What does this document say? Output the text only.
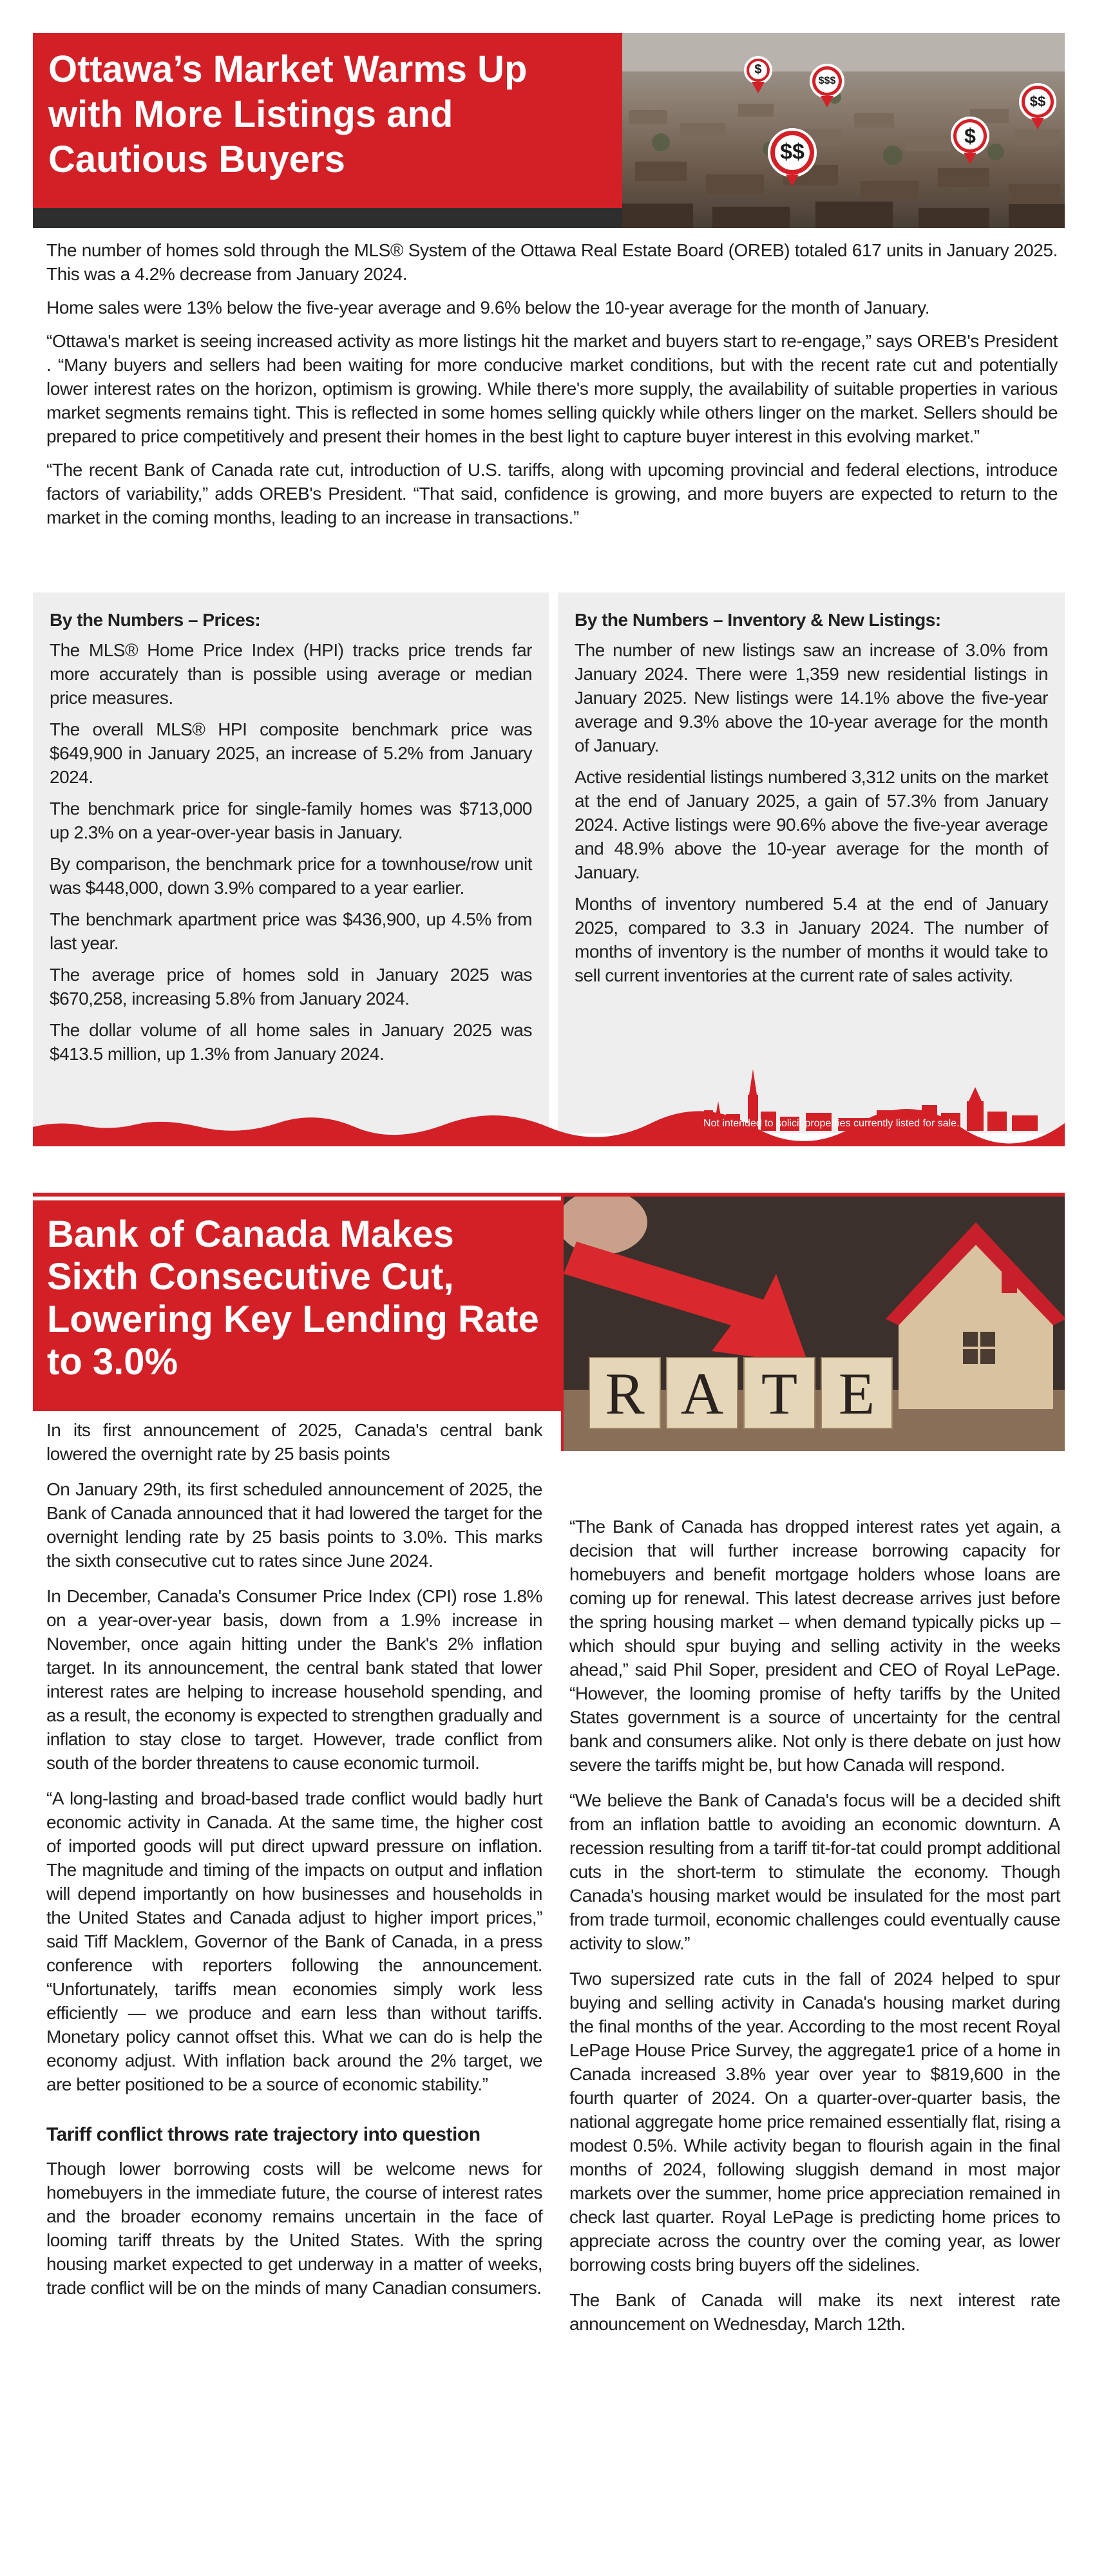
Ottawa’s Market Warms Up with More Listings and Cautious Buyers
$
$$$
$$
$
$$

The number of homes sold through the MLS® System of the Ottawa Real Estate Board (OREB) totaled 617 units in January 2025. This was a 4.2% decrease from January 2024.

Home sales were 13% below the five-year average and 9.6% below the 10-year average for the month of January.

“Ottawa's market is seeing increased activity as more listings hit the market and buyers start to re-engage,” says OREB's President . “Many buyers and sellers had been waiting for more conducive market conditions, but with the recent rate cut and potentially lower interest rates on the horizon, optimism is growing. While there's more supply, the availability of suitable properties in various market segments remains tight. This is reflected in some homes selling quickly while others linger on the market. Sellers should be prepared to price competitively and present their homes in the best light to capture buyer interest in this evolving market.”

“The recent Bank of Canada rate cut, introduction of U.S. tariffs, along with upcoming provincial and federal elections, introduce factors of variability,” adds OREB's President. “That said, confidence is growing, and more buyers are expected to return to the market in the coming months, leading to an increase in transactions.”

By the Numbers – Prices:

The MLS® Home Price Index (HPI) tracks price trends far more accurately than is possible using average or median price measures.

The overall MLS® HPI composite benchmark price was $649,900 in January 2025, an increase of 5.2% from January 2024.

The benchmark price for single-family homes was $713,000 up 2.3% on a year-over-year basis in January.

By comparison, the benchmark price for a townhouse/row unit was $448,000, down 3.9% compared to a year earlier.

The benchmark apartment price was $436,900, up 4.5% from last year.

The average price of homes sold in January 2025 was $670,258, increasing 5.8% from January 2024.

The dollar volume of all home sales in January 2025 was $413.5 million, up 1.3% from January 2024.

By the Numbers – Inventory & New Listings:

The number of new listings saw an increase of 3.0% from January 2024. There were 1,359 new residential listings in January 2025. New listings were 14.1% above the five-year average and 9.3% above the 10-year average for the month of January.

Active residential listings numbered 3,312 units on the market at the end of January 2025, a gain of 57.3% from January 2024. Active listings were 90.6% above the five-year average and 48.9% above the 10-year average for the month of January.

Months of inventory numbered 5.4 at the end of January 2025, compared to 3.3 in January 2024. The number of months of inventory is the number of months it would take to sell current inventories at the current rate of sales activity.

Not intended to solicit properties currently listed for sale.
Bank of Canada Makes Sixth Consecutive Cut, Lowering Key Lending Rate to 3.0%	R A T E

In its first announcement of 2025, Canada's central bank lowered the overnight rate by 25 basis points

On January 29th, its first scheduled announcement of 2025, the Bank of Canada announced that it had lowered the target for the overnight lending rate by 25 basis points to 3.0%. This marks the sixth consecutive cut to rates since June 2024.

In December, Canada's Consumer Price Index (CPI) rose 1.8% on a year-over-year basis, down from a 1.9% increase in November, once again hitting under the Bank's 2% inflation target. In its announcement, the central bank stated that lower interest rates are helping to increase household spending, and as a result, the economy is expected to strengthen gradually and inflation to stay close to target. However, trade conflict from south of the border threatens to cause economic turmoil.

“A long-lasting and broad-based trade conflict would badly hurt economic activity in Canada. At the same time, the higher cost of imported goods will put direct upward pressure on inflation. The magnitude and timing of the impacts on output and inflation will depend importantly on how businesses and households in the United States and Canada adjust to higher import prices,” said Tiff Macklem, Governor of the Bank of Canada, in a press conference with reporters following the announcement. “Unfortunately, tariffs mean economies simply work less efficiently — we produce and earn less than without tariffs. Monetary policy cannot offset this. What we can do is help the economy adjust. With inflation back around the 2% target, we are better positioned to be a source of economic stability.”

Tariff conflict throws rate trajectory into question

Though lower borrowing costs will be welcome news for homebuyers in the immediate future, the course of interest rates and the broader economy remains uncertain in the face of looming tariff threats by the United States. With the spring housing market expected to get underway in a matter of weeks, trade conflict will be on the minds of many Canadian consumers.

“The Bank of Canada has dropped interest rates yet again, a decision that will further increase borrowing capacity for homebuyers and benefit mortgage holders whose loans are coming up for renewal. This latest decrease arrives just before the spring housing market – when demand typically picks up – which should spur buying and selling activity in the weeks ahead,” said Phil Soper, president and CEO of Royal LePage. “However, the looming promise of hefty tariffs by the United States government is a source of uncertainty for the central bank and consumers alike. Not only is there debate on just how severe the tariffs might be, but how Canada will respond.

“We believe the Bank of Canada's focus will be a decided shift from an inflation battle to avoiding an economic downturn. A recession resulting from a tariff tit-for-tat could prompt additional cuts in the short-term to stimulate the economy. Though Canada's housing market would be insulated for the most part from trade turmoil, economic challenges could eventually cause activity to slow.”

Two supersized rate cuts in the fall of 2024 helped to spur buying and selling activity in Canada's housing market during the final months of the year. According to the most recent Royal LePage House Price Survey, the aggregate1 price of a home in Canada increased 3.8% year over year to $819,600 in the fourth quarter of 2024. On a quarter-over-quarter basis, the national aggregate home price remained essentially flat, rising a modest 0.5%. While activity began to flourish again in the final months of 2024, following sluggish demand in most major markets over the summer, home price appreciation remained in check last quarter. Royal LePage is predicting home prices to appreciate across the country over the coming year, as lower borrowing costs bring buyers off the sidelines.

The Bank of Canada will make its next interest rate announcement on Wednesday, March 12th.
